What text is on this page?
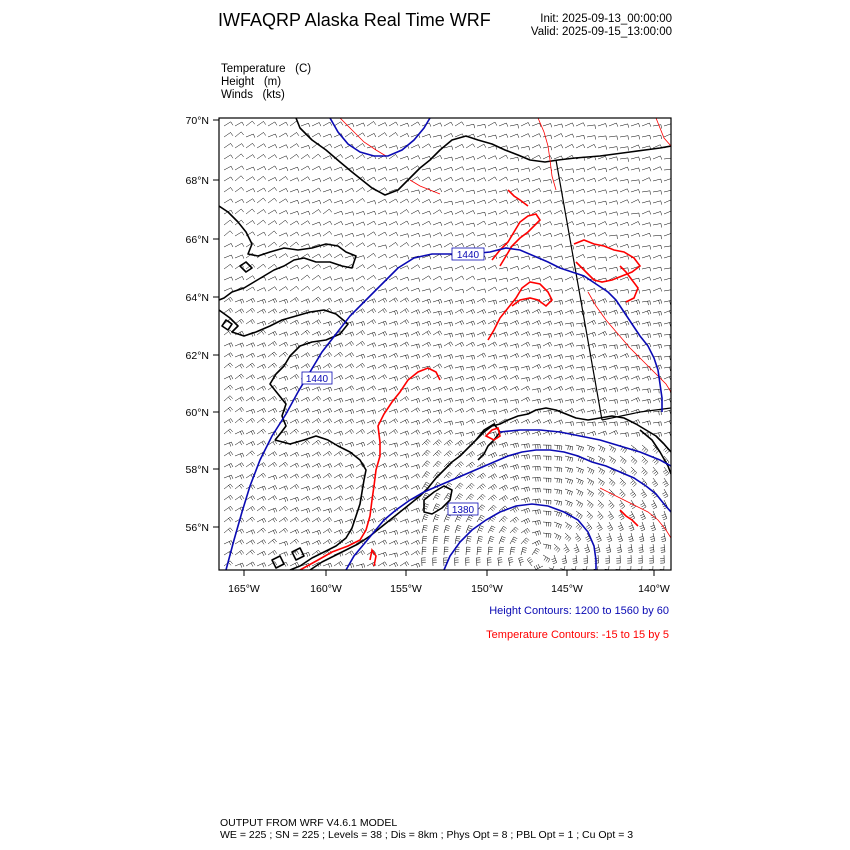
IWFAQRP Alaska Real Time WRF	Init: 2025-09-13_00:00:00
Valid: 2025-09-15_13:00:00
Temperature   (C)
Height   (m)
Winds   (kts)
1440
1440
1380
70°N
68°N
66°N
64°N
62°N
60°N
58°N
56°N
165°W	160°W	155°W	150°W	145°W	140°W
Height Contours: 1200 to 1560 by 60
Temperature Contours: -15 to 15 by 5
OUTPUT FROM WRF V4.6.1 MODEL
WE = 225 ; SN = 225 ; Levels = 38 ; Dis = 8km ; Phys Opt = 8 ; PBL Opt = 1 ; Cu Opt = 3
